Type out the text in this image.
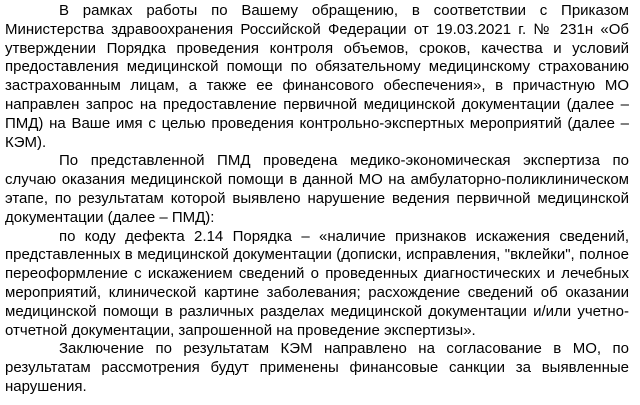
В рамках работы по Вашему обращению, в соответствии с Приказом Министерства здравоохранения Российской Федерации от 19.03.2021 г. № 231н «Об утверждении Порядка проведения контроля объемов, сроков, качества и условий предоставления медицинской помощи по обязательному медицинскому страхованию застрахованным лицам, а также ее финансового обеспечения», в причастную МО направлен запрос на предоставление первичной медицинской документации (далее – ПМД) на Ваше имя с целью проведения контрольно-экспертных мероприятий (далее – КЭМ).

По представленной ПМД проведена медико-экономическая экспертиза по случаю оказания медицинской помощи в данной МО на амбулаторно-поликлиническом этапе, по результатам которой выявлено нарушение ведения первичной медицинской документации (далее – ПМД):

по коду дефекта 2.14 Порядка – «наличие признаков искажения сведений, представленных в медицинской документации (дописки, исправления, "вклейки", полное переоформление с искажением сведений о проведенных диагностических и лечебных мероприятий, клинической картине заболевания; расхождение сведений об оказании медицинской помощи в различных разделах медицинской документации и/или учетно-отчетной документации, запрошенной на проведение экспертизы».

Заключение по результатам КЭМ направлено на согласование в МО, по результатам рассмотрения будут применены финансовые санкции за выявленные нарушения.
